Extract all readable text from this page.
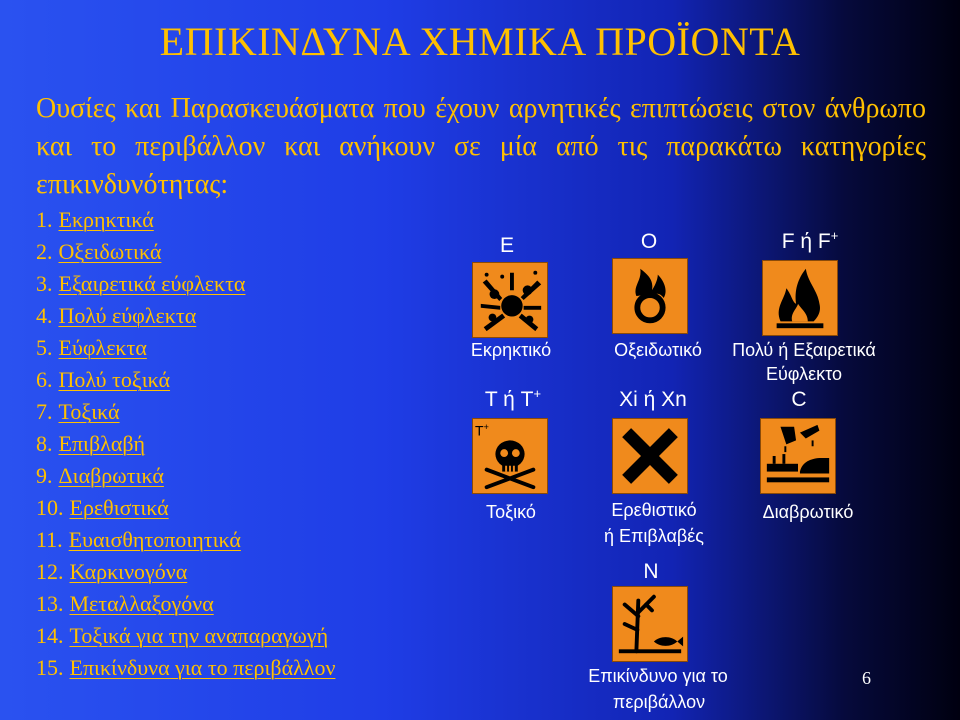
ΕΠΙΚΙΝΔΥΝΑ ΧΗΜΙΚΑ ΠΡΟΪΟΝΤΑ
Ουσίες και Παρασκευάσματα που έχουν αρνητικές επιπτώσεις στον άνθρωπο και το περιβάλλον και ανήκουν σε μία από τις παρακάτω κατηγορίες επικινδυνότητας:
1. Εκρηκτικά
2. Οξειδωτικά
3. Εξαιρετικά εύφλεκτα
4. Πολύ εύφλεκτα
5. Εύφλεκτα
6. Πολύ τοξικά
7. Τοξικά
8. Επιβλαβή
9. Διαβρωτικά
10. Ερεθιστικά
11. Ευαισθητοποιητικά
12. Καρκινογόνα
13. Μεταλλαξογόνα
14. Τοξικά για την αναπαραγωγή
15. Επικίνδυνα για το περιβάλλον
E	O	F ή F+
Εκρηκτικό	Οξειδωτικό	Πολύ ή Εξαιρετικά
Εύφλεκτο
T ή T+	Xi ή Xn	C
T+
Τοξικό	Ερεθιστικό
ή Επιβλαβές
Διαβρωτικό
N
Επικίνδυνο για το
περιβάλλον
6
